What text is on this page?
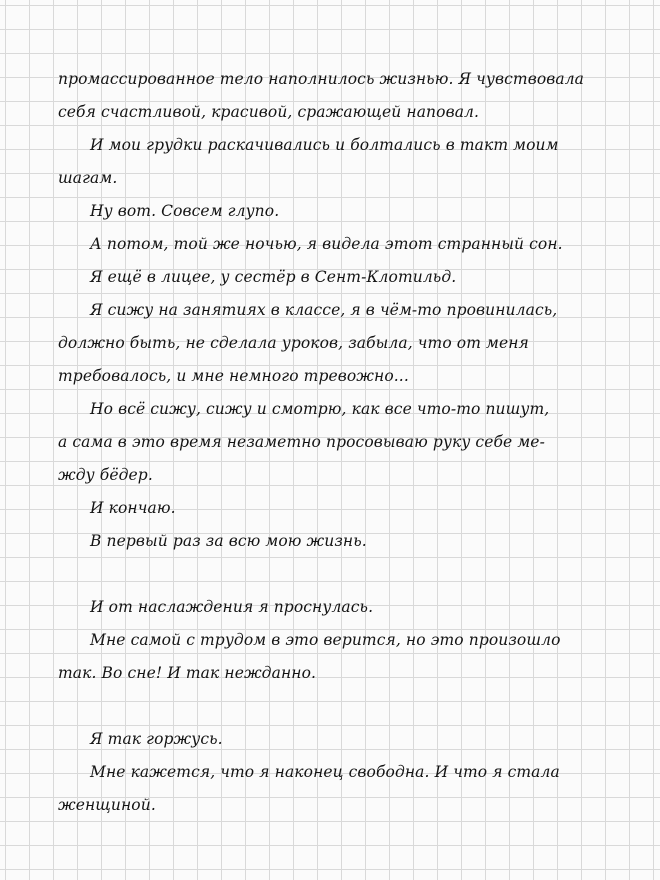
промассированное тело наполнилось жизнью. Я чувствовала
себя счастливой, красивой, сражающей наповал.
И мои грудки раскачивались и болтались в такт моим
шагам.
Ну вот. Совсем глупо.
А потом, той же ночью, я видела этот странный сон.
Я ещё в лицее, у сестёр в Сент-Клотильд.
Я сижу на занятиях в классе, я в чём-то провинилась,
должно быть, не сделала уроков, забыла, что от меня
требовалось, и мне немного тревожно...
Но всё сижу, сижу и смотрю, как все что-то пишут,
а сама в это время незаметно просовываю руку себе ме-
жду бёдер.
И кончаю.
В первый раз за всю мою жизнь.
И от наслаждения я проснулась.
Мне самой с трудом в это верится, но это произошло
так. Во сне! И так нежданно.
Я так горжусь.
Мне кажется, что я наконец свободна. И что я стала
женщиной.
